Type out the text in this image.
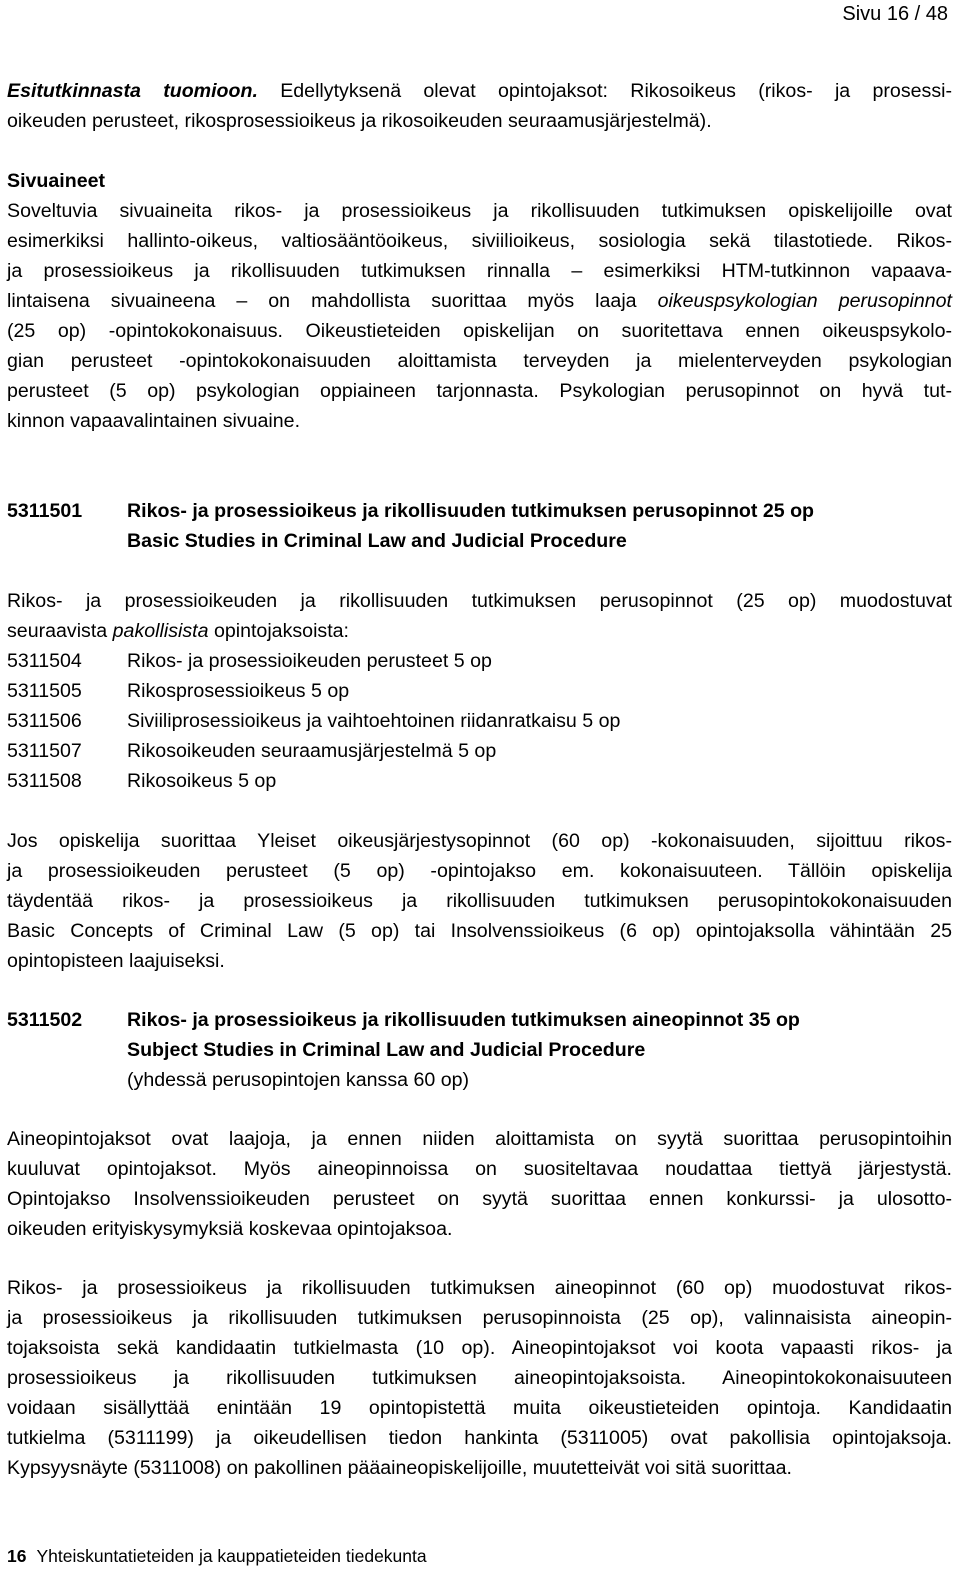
Sivu 16 / 48
Esitutkinnasta tuomioon. Edellytyksenä olevat opintojaksot: Rikosoikeus (rikos- ja prosessi-
oikeuden perusteet, rikosprosessioikeus ja rikosoikeuden seuraamusjärjestelmä).
Sivuaineet
Soveltuvia sivuaineita rikos- ja prosessioikeus ja rikollisuuden tutkimuksen opiskelijoille ovat
esimerkiksi hallinto-oikeus, valtiosääntöoikeus, siviilioikeus, sosiologia sekä tilastotiede. Rikos-
ja prosessioikeus ja rikollisuuden tutkimuksen rinnalla – esimerkiksi HTM-tutkinnon vapaava-
lintaisena sivuaineena – on mahdollista suorittaa myös laaja oikeuspsykologian perusopinnot
(25 op) -opintokokonaisuus. Oikeustieteiden opiskelijan on suoritettava ennen oikeuspsykolo-
gian perusteet -opintokokonaisuuden aloittamista terveyden ja mielenterveyden psykologian
perusteet (5 op) psykologian oppiaineen tarjonnasta. Psykologian perusopinnot on hyvä tut-
kinnon vapaavalintainen sivuaine.
5311501 Rikos- ja prosessioikeus ja rikollisuuden tutkimuksen perusopinnot 25 op
Basic Studies in Criminal Law and Judicial Procedure
Rikos- ja prosessioikeuden ja rikollisuuden tutkimuksen perusopinnot (25 op) muodostuvat
seuraavista pakollisista opintojaksoista:
5311504 Rikos- ja prosessioikeuden perusteet 5 op
5311505 Rikosprosessioikeus 5 op
5311506 Siviiliprosessioikeus ja vaihtoehtoinen riidanratkaisu 5 op
5311507 Rikosoikeuden seuraamusjärjestelmä 5 op
5311508 Rikosoikeus 5 op
Jos opiskelija suorittaa Yleiset oikeusjärjestysopinnot (60 op) -kokonaisuuden, sijoittuu rikos-
ja prosessioikeuden perusteet (5 op) -opintojakso em. kokonaisuuteen. Tällöin opiskelija
täydentää rikos- ja prosessioikeus ja rikollisuuden tutkimuksen perusopintokokonaisuuden
Basic Concepts of Criminal Law (5 op) tai Insolvenssioikeus (6 op) opintojaksolla vähintään 25
opintopisteen laajuiseksi.
5311502 Rikos- ja prosessioikeus ja rikollisuuden tutkimuksen aineopinnot 35 op
Subject Studies in Criminal Law and Judicial Procedure
(yhdessä perusopintojen kanssa 60 op)
Aineopintojaksot ovat laajoja, ja ennen niiden aloittamista on syytä suorittaa perusopintoihin
kuuluvat opintojaksot. Myös aineopinnoissa on suositeltavaa noudattaa tiettyä järjestystä.
Opintojakso Insolvenssioikeuden perusteet on syytä suorittaa ennen konkurssi- ja ulosotto-
oikeuden erityiskysymyksiä koskevaa opintojaksoa.
Rikos- ja prosessioikeus ja rikollisuuden tutkimuksen aineopinnot (60 op) muodostuvat rikos-
ja prosessioikeus ja rikollisuuden tutkimuksen perusopinnoista (25 op), valinnaisista aineopin-
tojaksoista sekä kandidaatin tutkielmasta (10 op). Aineopintojaksot voi koota vapaasti rikos- ja
prosessioikeus ja rikollisuuden tutkimuksen aineopintojaksoista. Aineopintokokonaisuuteen
voidaan sisällyttää enintään 19 opintopistettä muita oikeustieteiden opintoja. Kandidaatin
tutkielma (5311199) ja oikeudellisen tiedon hankinta (5311005) ovat pakollisia opintojaksoja.
Kypsyysnäyte (5311008) on pakollinen pääaineopiskelijoille, muutetteivät voi sitä suorittaa.
16 Yhteiskuntatieteiden ja kauppatieteiden tiedekunta
